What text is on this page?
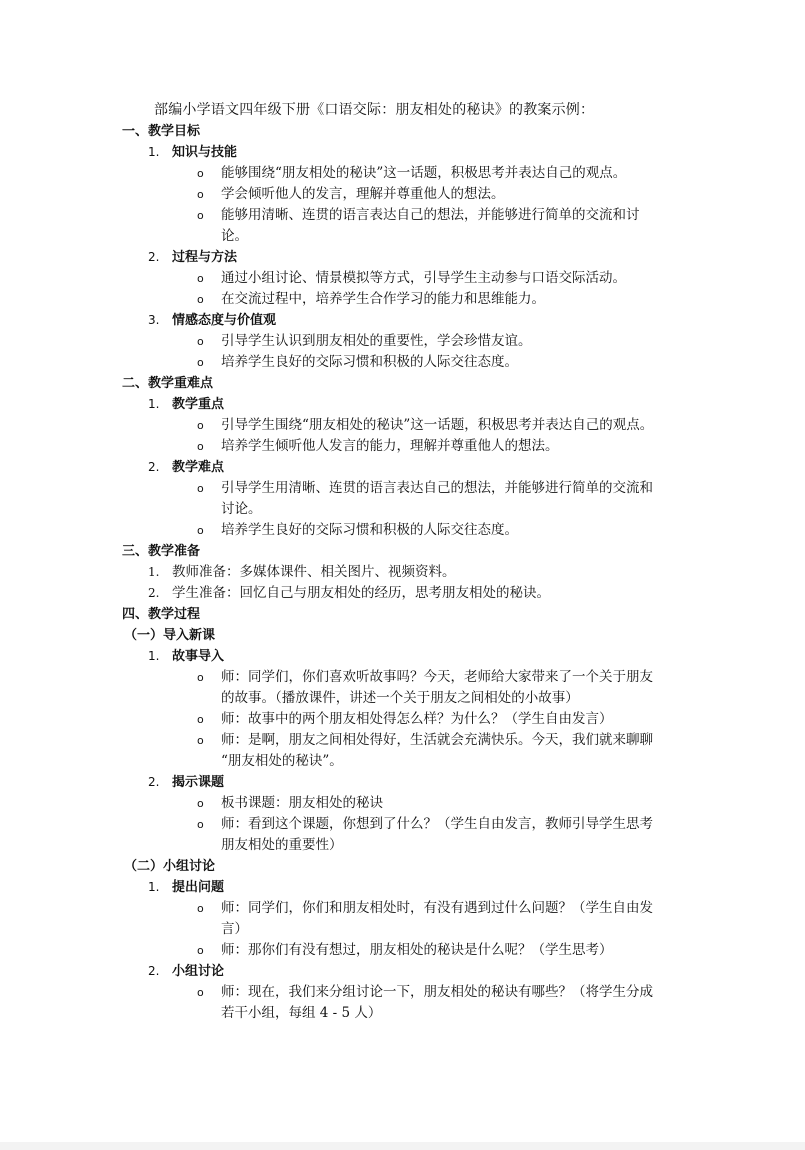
部编小学语文四年级下册《口语交际：朋友相处的秘诀》的教案示例：
一、教学目标
1. 知识与技能
o 能够围绕“朋友相处的秘诀”这一话题，积极思考并表达自己的观点。
o 学会倾听他人的发言，理解并尊重他人的想法。
o 能够用清晰、连贯的语言表达自己的想法，并能够进行简单的交流和讨
论。
2. 过程与方法
o 通过小组讨论、情景模拟等方式，引导学生主动参与口语交际活动。
o 在交流过程中，培养学生合作学习的能力和思维能力。
3. 情感态度与价值观
o 引导学生认识到朋友相处的重要性，学会珍惜友谊。
o 培养学生良好的交际习惯和积极的人际交往态度。
二、教学重难点
1. 教学重点
o 引导学生围绕“朋友相处的秘诀”这一话题，积极思考并表达自己的观点。
o 培养学生倾听他人发言的能力，理解并尊重他人的想法。
2. 教学难点
o 引导学生用清晰、连贯的语言表达自己的想法，并能够进行简单的交流和
讨论。
o 培养学生良好的交际习惯和积极的人际交往态度。
三、教学准备
1. 教师准备：多媒体课件、相关图片、视频资料。
2. 学生准备：回忆自己与朋友相处的经历，思考朋友相处的秘诀。
四、教学过程
（一）导入新课
1. 故事导入
o 师：同学们，你们喜欢听故事吗？今天，老师给大家带来了一个关于朋友
的故事。（播放课件，讲述一个关于朋友之间相处的小故事）
o 师：故事中的两个朋友相处得怎么样？为什么？（学生自由发言）
o 师：是啊，朋友之间相处得好，生活就会充满快乐。今天，我们就来聊聊
“朋友相处的秘诀”。
2. 揭示课题
o 板书课题：朋友相处的秘诀
o 师：看到这个课题，你想到了什么？（学生自由发言，教师引导学生思考
朋友相处的重要性）
（二）小组讨论
1. 提出问题
o 师：同学们，你们和朋友相处时，有没有遇到过什么问题？（学生自由发
言）
o 师：那你们有没有想过，朋友相处的秘诀是什么呢？（学生思考）
2. 小组讨论
o 师：现在，我们来分组讨论一下，朋友相处的秘诀有哪些？（将学生分成
若干小组，每组 4 - 5 人）
